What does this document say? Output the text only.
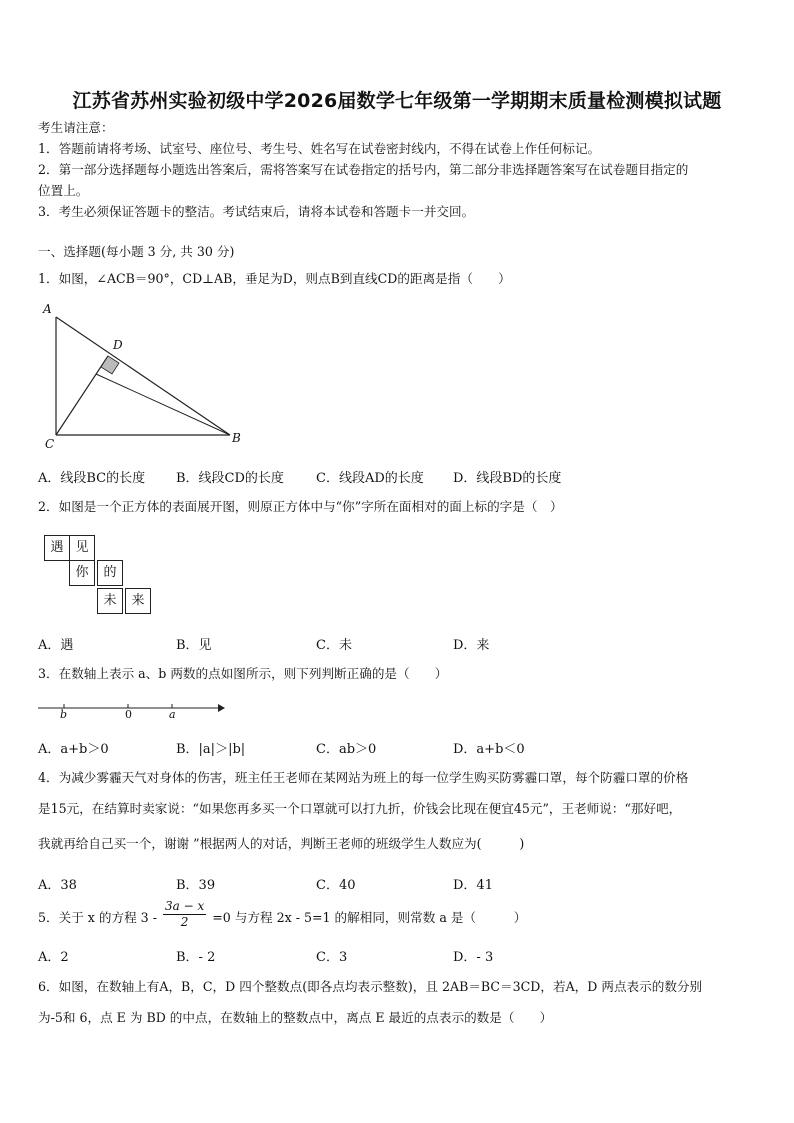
江苏省苏州实验初级中学2026届数学七年级第一学期期末质量检测模拟试题
考生请注意：
1．答题前请将考场、试室号、座位号、考生号、姓名写在试卷密封线内，不得在试卷上作任何标记。
2．第一部分选择题每小题选出答案后，需将答案写在试卷指定的括号内，第二部分非选择题答案写在试卷题目指定的
位置上。
3．考生必须保证答题卡的整洁。考试结束后，请将本试卷和答题卡一并交回。
一、选择题(每小题 3 分, 共 30 分)
1．如图，∠ACB＝90°，CD⊥AB，垂足为D，则点B到直线CD的距离是指（　　）
A
D
C	B
A．线段BC的长度 B．线段CD的长度 C．线段AD的长度 D．线段BD的长度
2．如图是一个正方体的表面展开图，则原正方体中与“你”字所在面相对的面上标的字是（　）
遇 见
你	的
未	来
A．遇	B．见	C．未	D．来
3．在数轴上表示 a、b 两数的点如图所示，则下列判断正确的是（　　）
b	0	a
A．a+b＞0	B．|a|＞|b|	C．ab＞0	D．a+b＜0
4．为减少雾霾天气对身体的伤害，班主任王老师在某网站为班上的每一位学生购买防雾霾口罩，每个防霾口罩的价格
是15元，在结算时卖家说：“如果您再多买一个口罩就可以打九折，价钱会比现在便宜45元”，王老师说：“那好吧，
我就再给自己买一个，谢谢 ”根据两人的对话，判断王老师的班级学生人数应为(　　　)
A．38	B．39	C．40	D．41
5．关于 x 的方程 $3 - \frac{3a - x}{2} =0$ 与方程 2x - 5=1 的解相同，则常数 a 是（　　　）
A．2	B．- 2	C．3	D．- 3
6．如图，在数轴上有A，B，C，D 四个整数点(即各点均表示整数)，且 2AB＝BC＝3CD，若A，D 两点表示的数分别
为-5和 6，点 E 为 BD 的中点，在数轴上的整数点中，离点 E 最近的点表示的数是（　　）
